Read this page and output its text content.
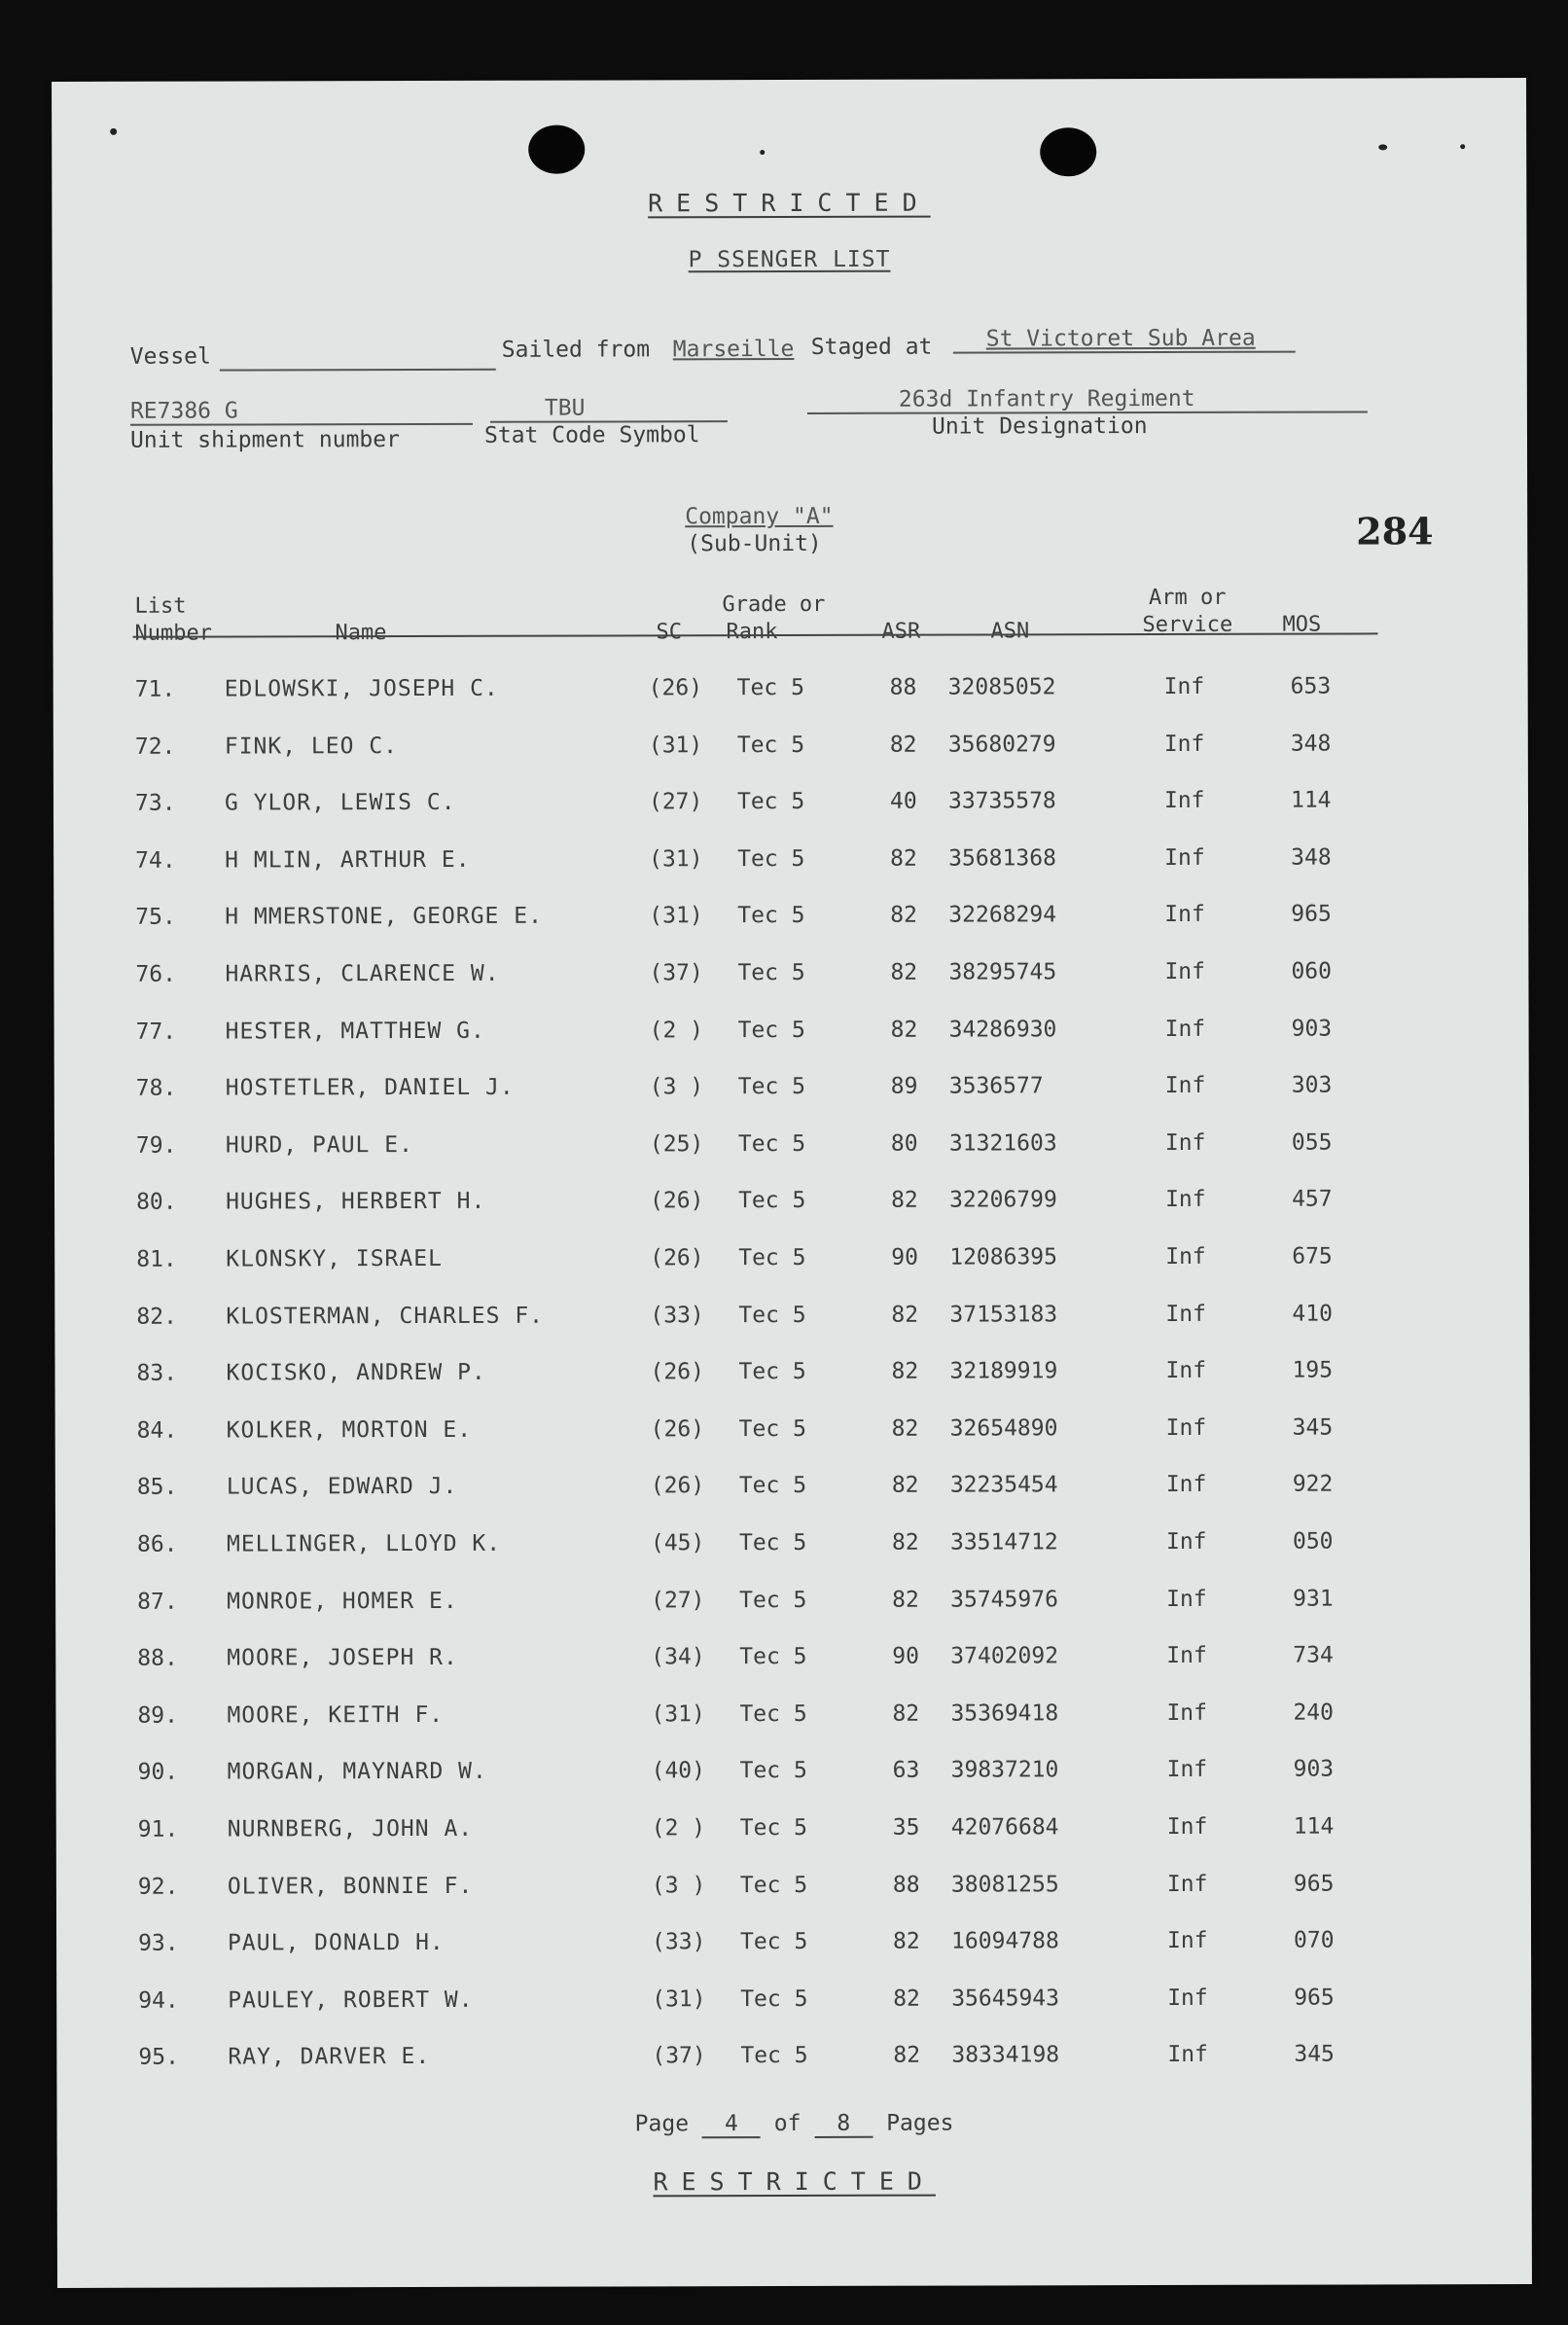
RESTRICTED
P SSENGER LIST
Vessel	Sailed from Marseille Staged at St Victoret Sub Area
RE7386 G
Unit shipment number
TBU
Stat Code Symbol
263d Infantry Regiment
Unit Designation
Company "A"
(Sub-Unit)	284
List
Number	Name	SC
Grade or
Rank	ASR	ASN
Arm or
Service MOS
71. EDLOWSKI, JOSEPH C.	(26) Tec 5	88 32085052	Inf	653
72. FINK, LEO C.	(31) Tec 5	82 35680279	Inf	348
73. G YLOR, LEWIS C.	(27) Tec 5	40 33735578	Inf	114
74. H MLIN, ARTHUR E.	(31) Tec 5	82 35681368	Inf	348
75. H MMERSTONE, GEORGE E.	(31) Tec 5	82 32268294	Inf	965
76. HARRIS, CLARENCE W.	(37) Tec 5	82 38295745	Inf	060
77. HESTER, MATTHEW G.	(2 ) Tec 5	82 34286930	Inf	903
78. HOSTETLER, DANIEL J.	(3 ) Tec 5	89 3536577	Inf	303
79. HURD, PAUL E.	(25) Tec 5	80 31321603	Inf	055
80. HUGHES, HERBERT H.	(26) Tec 5	82 32206799	Inf	457
81. KLONSKY, ISRAEL	(26) Tec 5	90 12086395	Inf	675
82. KLOSTERMAN, CHARLES F.	(33) Tec 5	82 37153183	Inf	410
83. KOCISKO, ANDREW P.	(26) Tec 5	82 32189919	Inf	195
84. KOLKER, MORTON E.	(26) Tec 5	82 32654890	Inf	345
85. LUCAS, EDWARD J.	(26) Tec 5	82 32235454	Inf	922
86. MELLINGER, LLOYD K.	(45) Tec 5	82 33514712	Inf	050
87. MONROE, HOMER E.	(27) Tec 5	82 35745976	Inf	931
88. MOORE, JOSEPH R.	(34) Tec 5	90 37402092	Inf	734
89. MOORE, KEITH F.	(31) Tec 5	82 35369418	Inf	240
90. MORGAN, MAYNARD W.	(40) Tec 5	63 39837210	Inf	903
91. NURNBERG, JOHN A.	(2 ) Tec 5	35 42076684	Inf	114
92. OLIVER, BONNIE F.	(3 ) Tec 5	88 38081255	Inf	965
93. PAUL, DONALD H.	(33) Tec 5	82 16094788	Inf	070
94. PAULEY, ROBERT W.	(31) Tec 5	82 35645943	Inf	965
95. RAY, DARVER E.	(37) Tec 5	82 38334198	Inf	345
Page 4 of 8 Pages
RESTRICTED
